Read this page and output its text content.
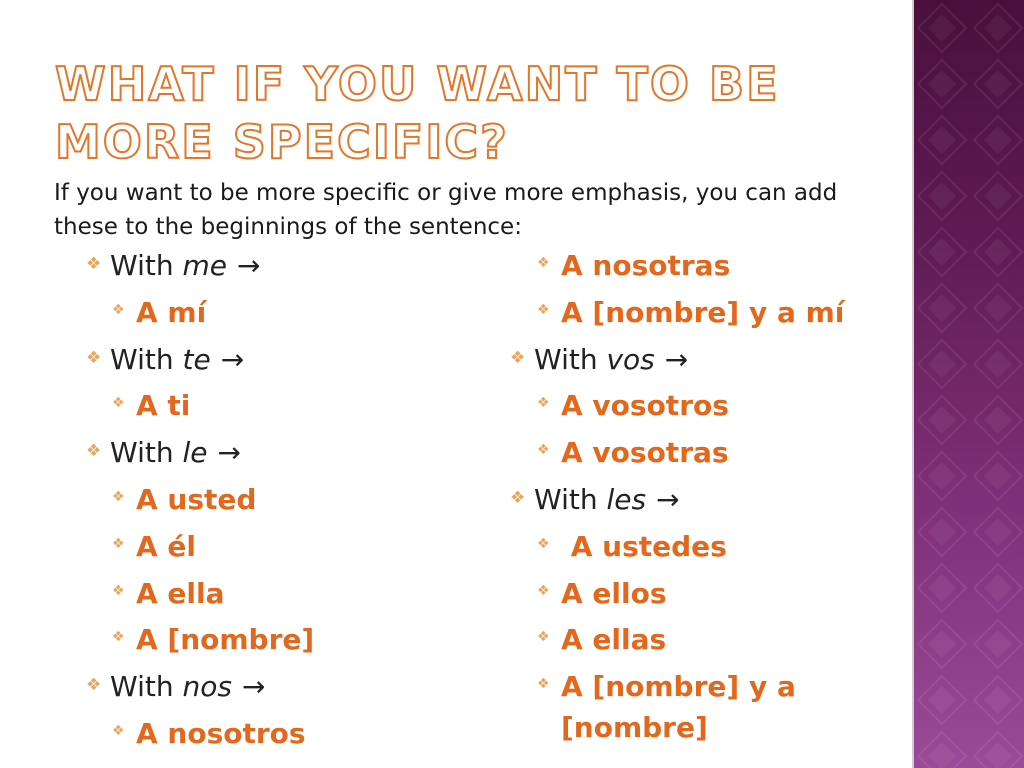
WHAT IF YOU WANT TO BE MORE SPECIFIC?

If you want to be more specific or give more emphasis, you can add these to the beginnings of the sentence:

❖ With me →
❖ A mí
❖ With te →
❖ A ti
❖ With le →
❖ A usted
❖ A él
❖ A ella
❖ A [nombre]
❖ With nos →
❖ A nosotros
❖ A nosotras
❖ A [nombre] y a mí
❖ With vos →
❖ A vosotros
❖ A vosotras
❖ With les →
❖ A ustedes
❖ A ellos
❖ A ellas
❖ A [nombre] y a
[nombre]
